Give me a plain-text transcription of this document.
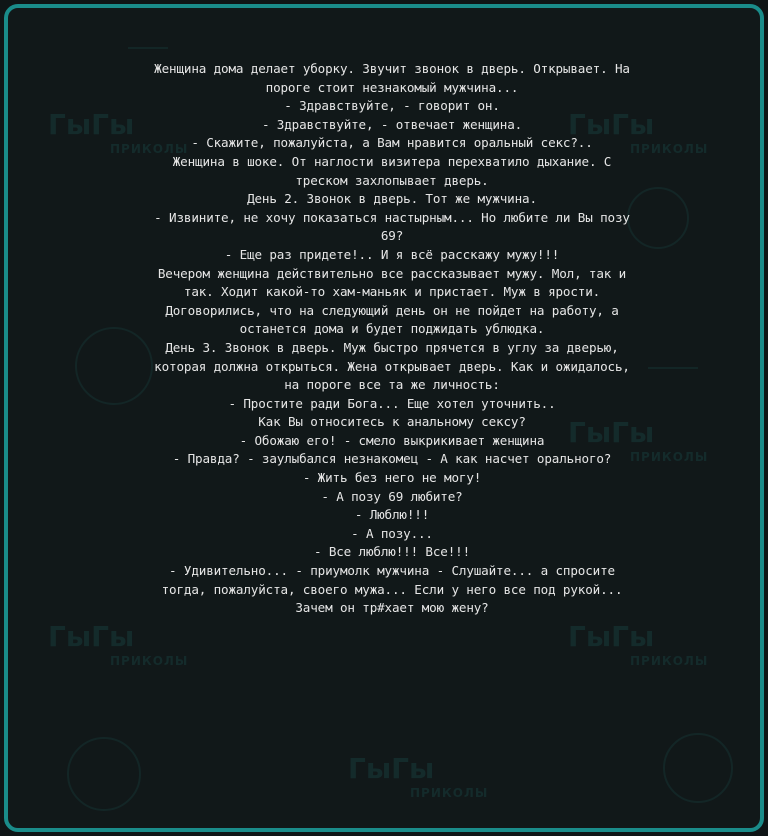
ГыГы
ПРИКОЛЫ
ГыГы
ПРИКОЛЫ
ГыГы
ПРИКОЛЫ
ГыГы
ПРИКОЛЫ
ГыГы
ПРИКОЛЫ
ГыГы
ПРИКОЛЫ
Женщина дома делает уборку. Звучит звонок в дверь. Открывает. На
пороге стоит незнакомый мужчина...
- Здравствуйте, - говорит он.
- Здравствуйте, - отвечает женщина.
- Скажите, пожалуйста, а Вам нравится оральный секс?..
Женщина в шоке. От наглости визитера перехватило дыхание. С
треском захлопывает дверь.
День 2. Звонок в дверь. Тот же мужчина.
- Извините, не хочу показаться настырным... Но любите ли Вы позу
69?
- Еще раз придете!.. И я всё расскажу мужу!!!
Вечером женщина действительно все рассказывает мужу. Мол, так и
так. Ходит какой-то хам-маньяк и пристает. Муж в ярости.
Договорились, что на следующий день он не пойдет на работу, а
останется дома и будет поджидать ублюдка.
День 3. Звонок в дверь. Муж быстро прячется в углу за дверью,
которая должна открыться. Жена открывает дверь. Как и ожидалось,
на пороге все та же личность:
- Простите ради Бога... Еще хотел уточнить..
Как Вы относитесь к анальному сексу?
- Обожаю его! - смело выкрикивает женщина
- Правда? - заулыбался незнакомец - А как насчет орального?
- Жить без него не могу!
- А позу 69 любите?
- Люблю!!!
- А позу...
- Все люблю!!! Все!!!
- Удивительно... - приумолк мужчина - Слушайте... а спросите
тогда, пожалуйста, своего мужа... Если у него все под рукой...
Зачем он тр#хает мою жену?
